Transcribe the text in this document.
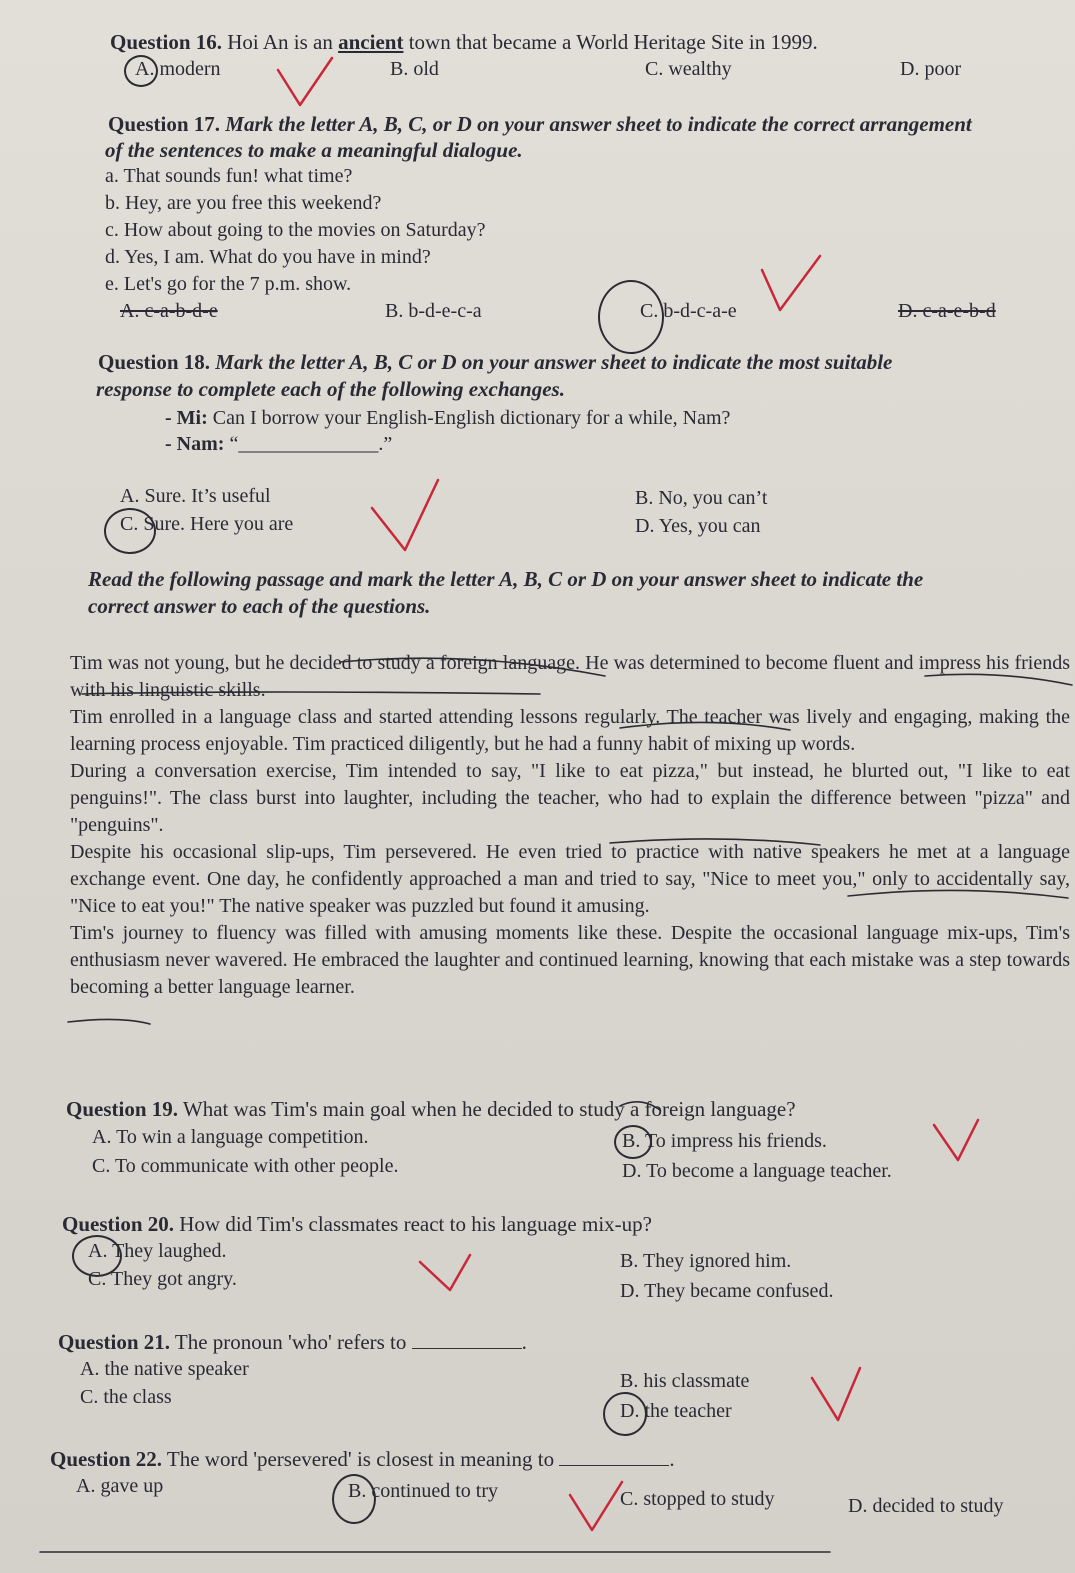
Question 16. Hoi An is an ancient town that became a World Heritage Site in 1999.
A. modern	B. old	C. wealthy	D. poor
Question 17. Mark the letter A, B, C, or D on your answer sheet to indicate the correct arrangement
of the sentences to make a meaningful dialogue.
a. That sounds fun! what time?
b. Hey, are you free this weekend?
c. How about going to the movies on Saturday?
d. Yes, I am. What do you have in mind?
e. Let's go for the 7 p.m. show.
A. c-a-b-d-e	B. b-d-e-c-a	C. b-d-c-a-e	D. c-a-e-b-d
Question 18. Mark the letter A, B, C or D on your answer sheet to indicate the most suitable
response to complete each of the following exchanges.
- Mi: Can I borrow your English-English dictionary for a while, Nam?
- Nam: “______________.”
A. Sure. It’s useful	B. No, you can’t
C. Sure. Here you are	D. Yes, you can
Read the following passage and mark the letter A, B, C or D on your answer sheet to indicate the
correct answer to each of the questions.

Tim was not young, but he decided to study a foreign language. He was determined to become fluent and impress his friends with his linguistic skills.

Tim enrolled in a language class and started attending lessons regularly. The teacher was lively and engaging, making the learning process enjoyable. Tim practiced diligently, but he had a funny habit of mixing up words.

During a conversation exercise, Tim intended to say, "I like to eat pizza," but instead, he blurted out, "I like to eat penguins!". The class burst into laughter, including the teacher, who had to explain the difference between "pizza" and "penguins".

Despite his occasional slip-ups, Tim persevered. He even tried to practice with native speakers he met at a language exchange event. One day, he confidently approached a man and tried to say, "Nice to meet you," only to accidentally say, "Nice to eat you!" The native speaker was puzzled but found it amusing.

Tim's journey to fluency was filled with amusing moments like these. Despite the occasional language mix-ups, Tim's enthusiasm never wavered. He embraced the laughter and continued learning, knowing that each mistake was a step towards becoming a better language learner.

Question 19. What was Tim's main goal when he decided to study a foreign language?
A. To win a language competition.	B. To impress his friends.
C. To communicate with other people.	D. To become a language teacher.
Question 20. How did Tim's classmates react to his language mix-up?
A. They laughed.	B. They ignored him.
C. They got angry.
D. They became confused.
Question 21. The pronoun 'who' refers to	.
A. the native speaker
B. his classmate
C. the class
D. the teacher
Question 22. The word 'persevered' is closest in meaning to	.
A. gave up	B. continued to try	C. stopped to study	D. decided to study
